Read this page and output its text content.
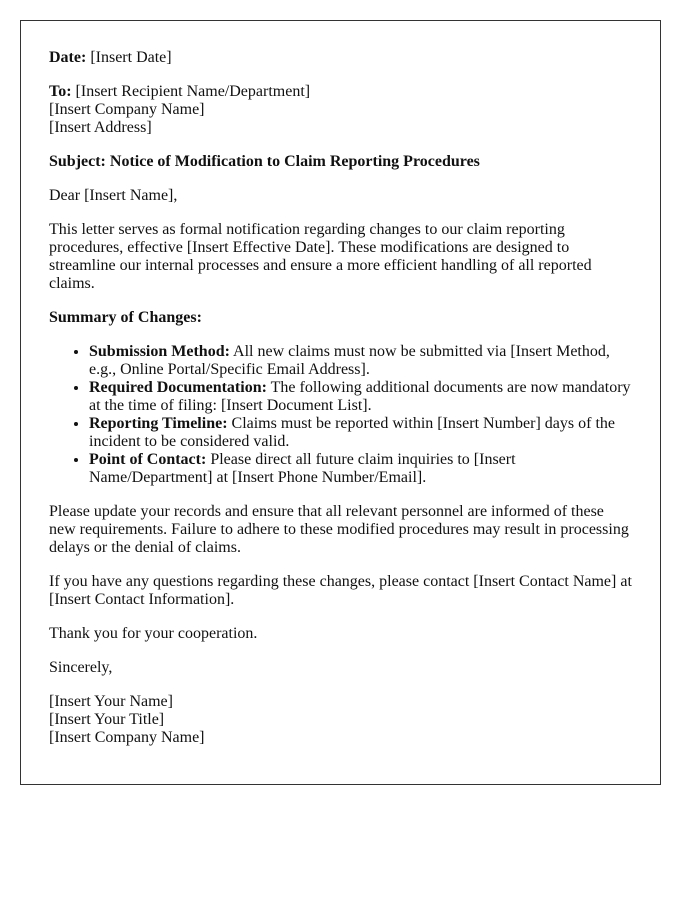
Date: [Insert Date]

To: [Insert Recipient Name/Department]
[Insert Company Name]
[Insert Address]

Subject: Notice of Modification to Claim Reporting Procedures

Dear [Insert Name],

This letter serves as formal notification regarding changes to our claim reporting procedures, effective [Insert Effective Date]. These modifications are designed to streamline our internal processes and ensure a more efficient handling of all reported claims.

Summary of Changes:

• Submission Method: All new claims must now be submitted via [Insert Method, e.g., Online Portal/Specific Email Address].
• Required Documentation: The following additional documents are now mandatory at the time of filing: [Insert Document List].
• Reporting Timeline: Claims must be reported within [Insert Number] days of the incident to be considered valid.
• Point of Contact: Please direct all future claim inquiries to [Insert Name/Department] at [Insert Phone Number/Email].

Please update your records and ensure that all relevant personnel are informed of these new requirements. Failure to adhere to these modified procedures may result in processing delays or the denial of claims.

If you have any questions regarding these changes, please contact [Insert Contact Name] at [Insert Contact Information].

Thank you for your cooperation.

Sincerely,

[Insert Your Name]
[Insert Your Title]
[Insert Company Name]
